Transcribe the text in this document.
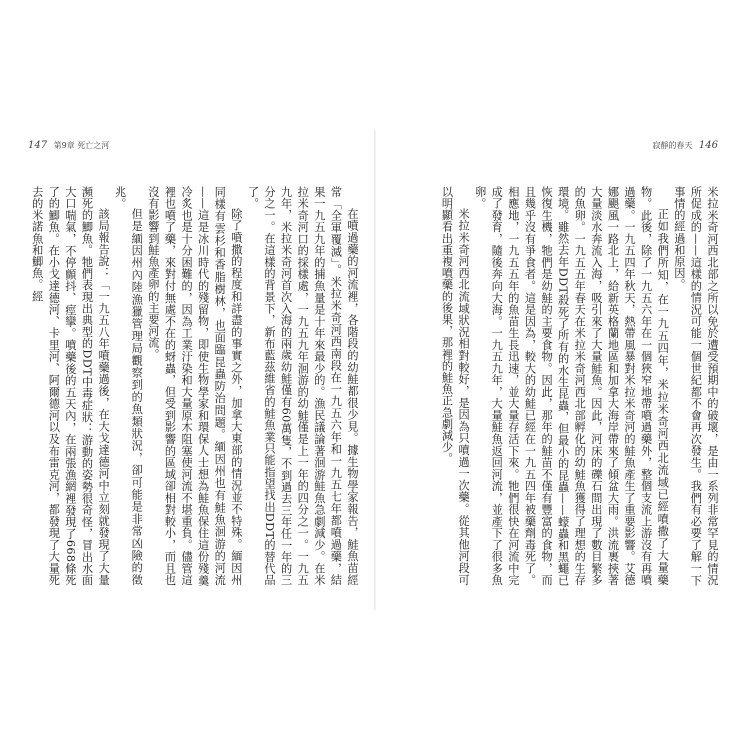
147 第9章 死亡之河	寂靜的春天 146

米拉米奇河西北部之所以免於遭受預期中的破壞，是由一系列非常罕見的情況所促成的——這樣的情況可能一個世紀都不會再次發生。我們有必要了解一下事情的經過和原因。

正如我們所知，在一九五四年，米拉米奇河西北流域已經噴撒了大量藥物。此後，除了一九五六年在一個狹窄地帶噴過藥外，整個支流上游沒有再噴過藥。一九五四年秋天，熱帶風暴對米拉米奇河的鮭魚產生了重要影響。艾德娜颶風一路北上，給新英格蘭地區和加拿大海岸帶來了傾盆大雨。洪流裹挾著大量淡水奔流入海，吸引來了大量鮭魚。因此，河床的礫石間出現了數目繁多的魚卵。一九五五年春天在米拉米奇河西北部孵化的幼鮭魚獲得了理想的生存環境。雖然去年DDT殺死了所有的水生昆蟲，但最小的昆蟲——蠓蟲和黑蠅已恢復生機，牠們是幼鮭的主要食物。因此，那年的鮭苗不僅有豐富的食物，而且幾乎沒有爭食者。這是因為，較大的幼鮭已經在一九五四年被藥劑毒死了。相應地，一九五五年的魚苗生長迅速，並大量存活下來。牠們很快在河流中完成了發育，隨後奔向大海。一九五九年，大量鮭魚返回河流，並產下了很多魚卵。

米拉米奇河西北流域狀況相對較好，是因為只噴過一次藥。從其他河段可以明顯看出重複噴藥的後果，那裡的鮭魚正急劇減少。

在噴過藥的河流裡，各階段的幼鮭都很少見。據生物學家報告，鮭魚苗經常「全軍覆滅」。米拉米奇河西南段在一九五六年和一九五七年都噴過藥，結果一九五九年的捕魚量是十年來最少的。漁民議論著洄游鮭魚急劇減少。在米拉米奇河口的採樣處，一九五九年洄游的幼鮭僅是上一年的四分之一。一九五九年，米拉米奇河首次入海的兩歲幼鮭僅有60萬隻，不到過去三年任一年的三分之一。在這樣的背景下，新布藍茲維省的鮭魚業只能指望找出DDT的替代品了。

除了噴撒的程度和詳盡的事實之外，加拿大東部的情況並不特殊。緬因州同樣有雲杉和香脂樹林，也面臨昆蟲防治問題。緬因州也有鮭魚洄游的河流——這是冰川時代的殘留物，即使生物學家和環保人士想為鮭魚保住這份殘羹冷炙也是十分困難的，因為工業汙染和大量原木阻塞使河流不堪重負。儘管這裡也噴了藥，來對付無處不在的蚜蟲，但受到影響的區域卻相對較小，而且也沒有影響到鮭魚產卵的主要河流。

但是緬因州內陸漁獵管理局觀察到的魚類狀況，卻可能是非常凶險的徵兆。

該局報告說：「一九五八年噴藥過後，在大戈達德河中立刻就發現了大量瀕死的鯽魚。牠們表現出典型的DDT中毒症狀：游動的姿勢很奇怪，冒出水面大口喘氣，不停顫抖、痙攣。噴藥後的五天內，在兩張漁網裡發現了668條死了的鯽魚。在小戈達德河、卡里河、阿爾德河以及布雷克河，都發現了大量死去的米諾魚和鯽魚。經
